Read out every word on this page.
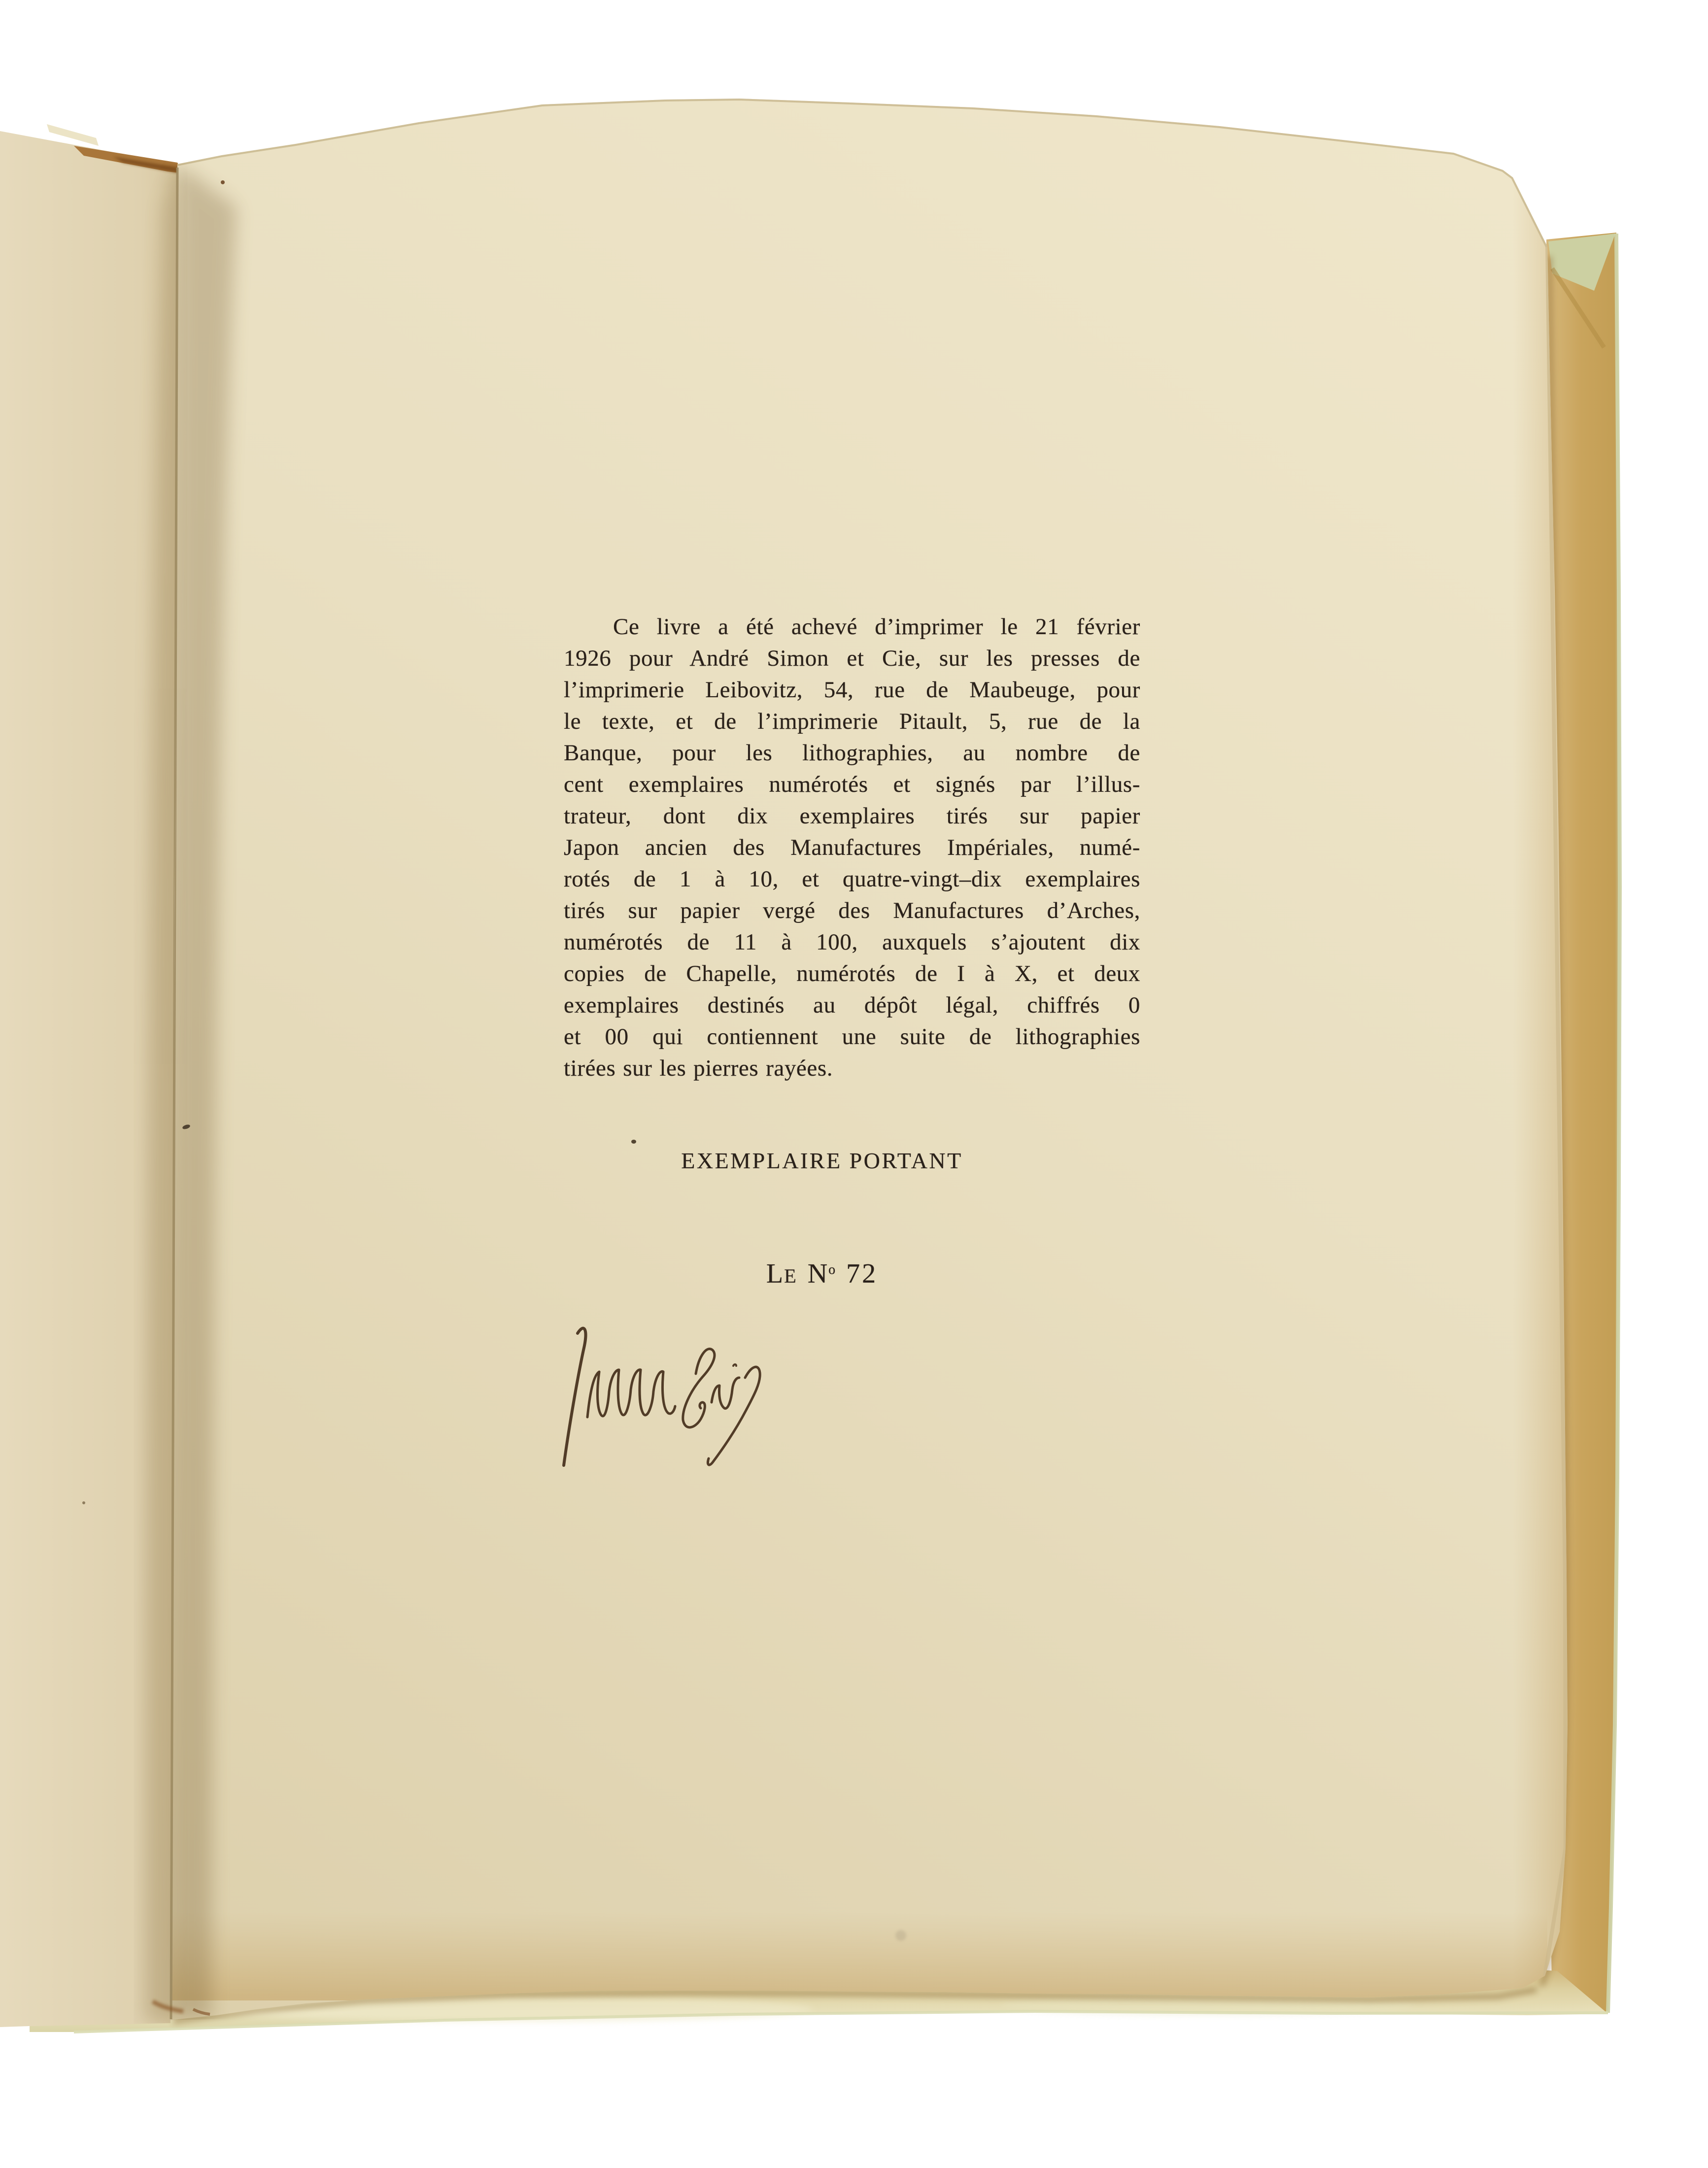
Ce livre a été achevé d’imprimer le 21 février
1926 pour André Simon et Cie, sur les presses de
l’imprimerie Leibovitz, 54, rue de Maubeuge, pour
le texte, et de l’imprimerie Pitault, 5, rue de la
Banque, pour les lithographies, au nombre de
cent exemplaires numérotés et signés par l’illus-
trateur, dont dix exemplaires tirés sur papier
Japon ancien des Manufactures Impériales, numé-
rotés de 1 à 10, et quatre-vingt–dix exemplaires
tirés sur papier vergé des Manufactures d’Arches,
numérotés de 11 à 100, auxquels s’ajoutent dix
copies de Chapelle, numérotés de I à X, et deux
exemplaires destinés au dépôt légal, chiffrés 0
et 00 qui contiennent une suite de lithographies
tirées sur les pierres rayées.
EXEMPLAIRE PORTANT
LE $N^o$ 72
